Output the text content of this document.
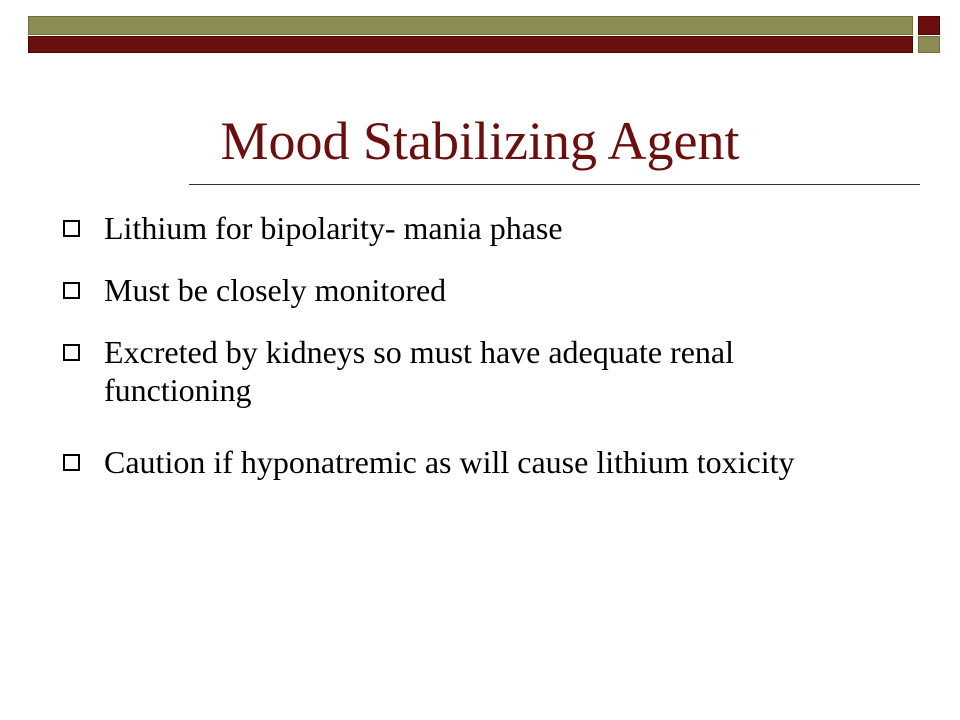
Mood Stabilizing Agent

Lithium for bipolarity- mania phase

Must be closely monitored

Excreted by kidneys so must have adequate renal functioning

Caution if hyponatremic as will cause lithium toxicity
